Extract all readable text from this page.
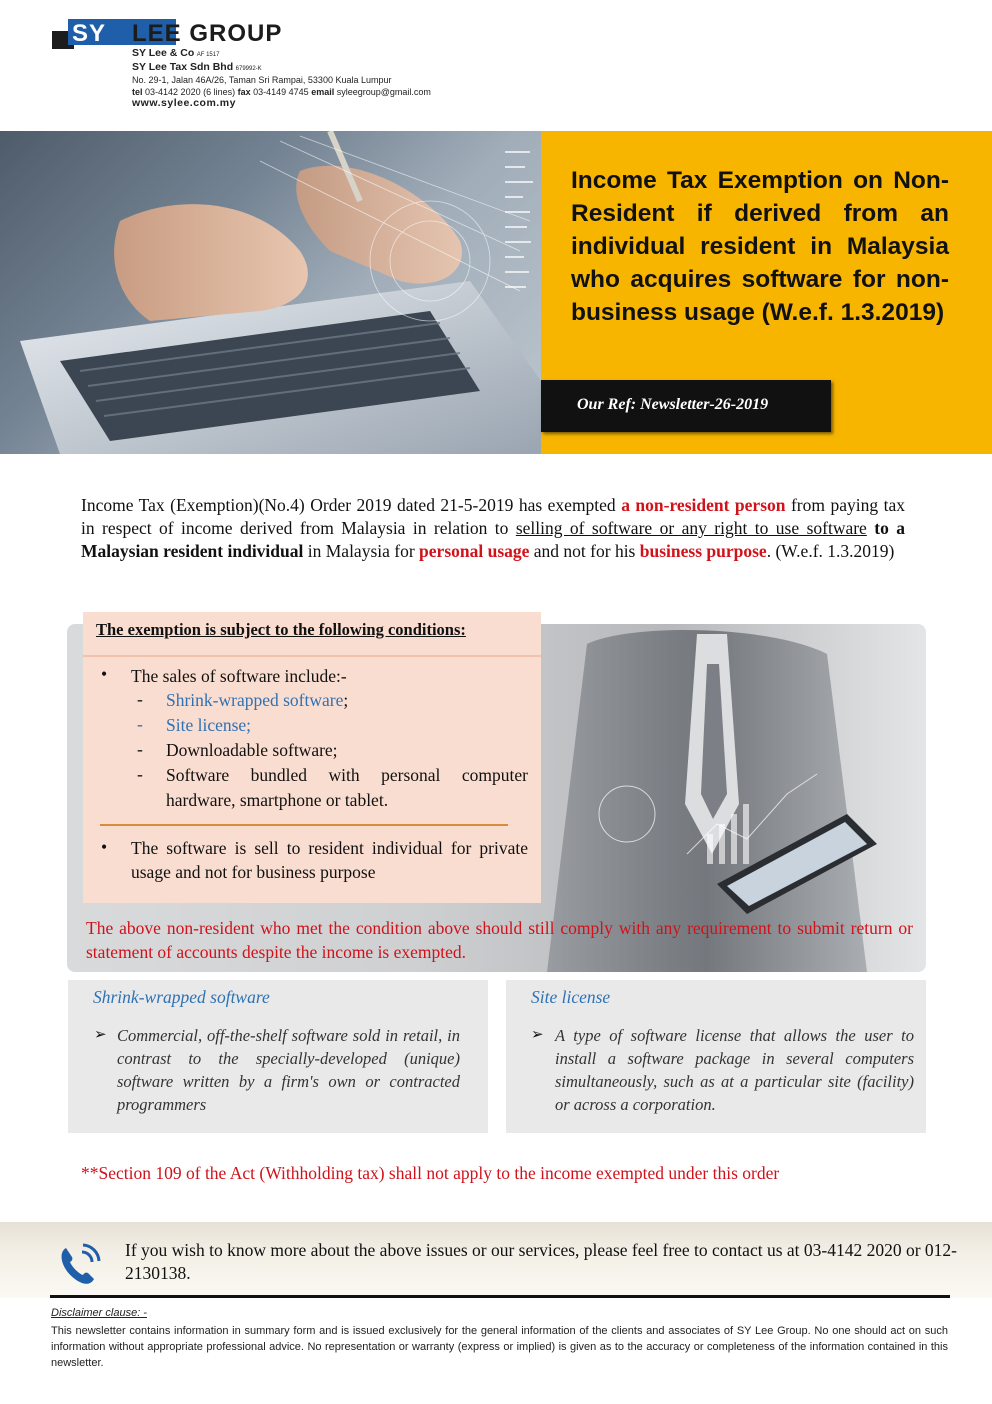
SY LEE GROUP
SY Lee & Co AF 1517
SY Lee Tax Sdn Bhd 679992-K
No. 29-1, Jalan 46A/26, Taman Sri Rampai, 53300 Kuala Lumpur
tel 03-4142 2020 (6 lines) fax 03-4149 4745 email syleegroup@gmail.com
www.sylee.com.my
Income Tax Exemption on Non-Resident if derived from an individual resident in Malaysia who acquires software for non-business usage (W.e.f. 1.3.2019)
Our Ref: Newsletter-26-2019

Income Tax (Exemption)(No.4) Order 2019 dated 21-5-2019 has exempted a non-resident person from paying tax in respect of income derived from Malaysia in relation to selling of software or any right to use software to a Malaysian resident individual in Malaysia for personal usage and not for his business purpose. (W.e.f. 1.3.2019)

The exemption is subject to the following conditions:
• The sales of software include:-
- Shrink-wrapped software;
- Site license;
- Downloadable software;
- Software bundled with personal computer hardware, smartphone or tablet.
• The software is sell to resident individual for private usage and not for business purpose
The above non-resident who met the condition above should still comply with any requirement to submit return or statement of accounts despite the income is exempted.
Shrink-wrapped software
➢ Commercial, off-the-shelf software sold in retail, in contrast to the specially-developed (unique) software written by a firm's own or contracted programmers
Site license
➢ A type of software license that allows the user to install a software package in several computers simultaneously, such as at a particular site (facility) or across a corporation.
**Section 109 of the Act (Withholding tax) shall not apply to the income exempted under this order
If you wish to know more about the above issues or our services, please feel free to contact us at 03-4142 2020 or 012-2130138.
Disclaimer clause: -
This newsletter contains information in summary form and is issued exclusively for the general information of the clients and associates of SY Lee Group. No one should act on such information without appropriate professional advice. No representation or warranty (express or implied) is given as to the accuracy or completeness of the information contained in this newsletter.
